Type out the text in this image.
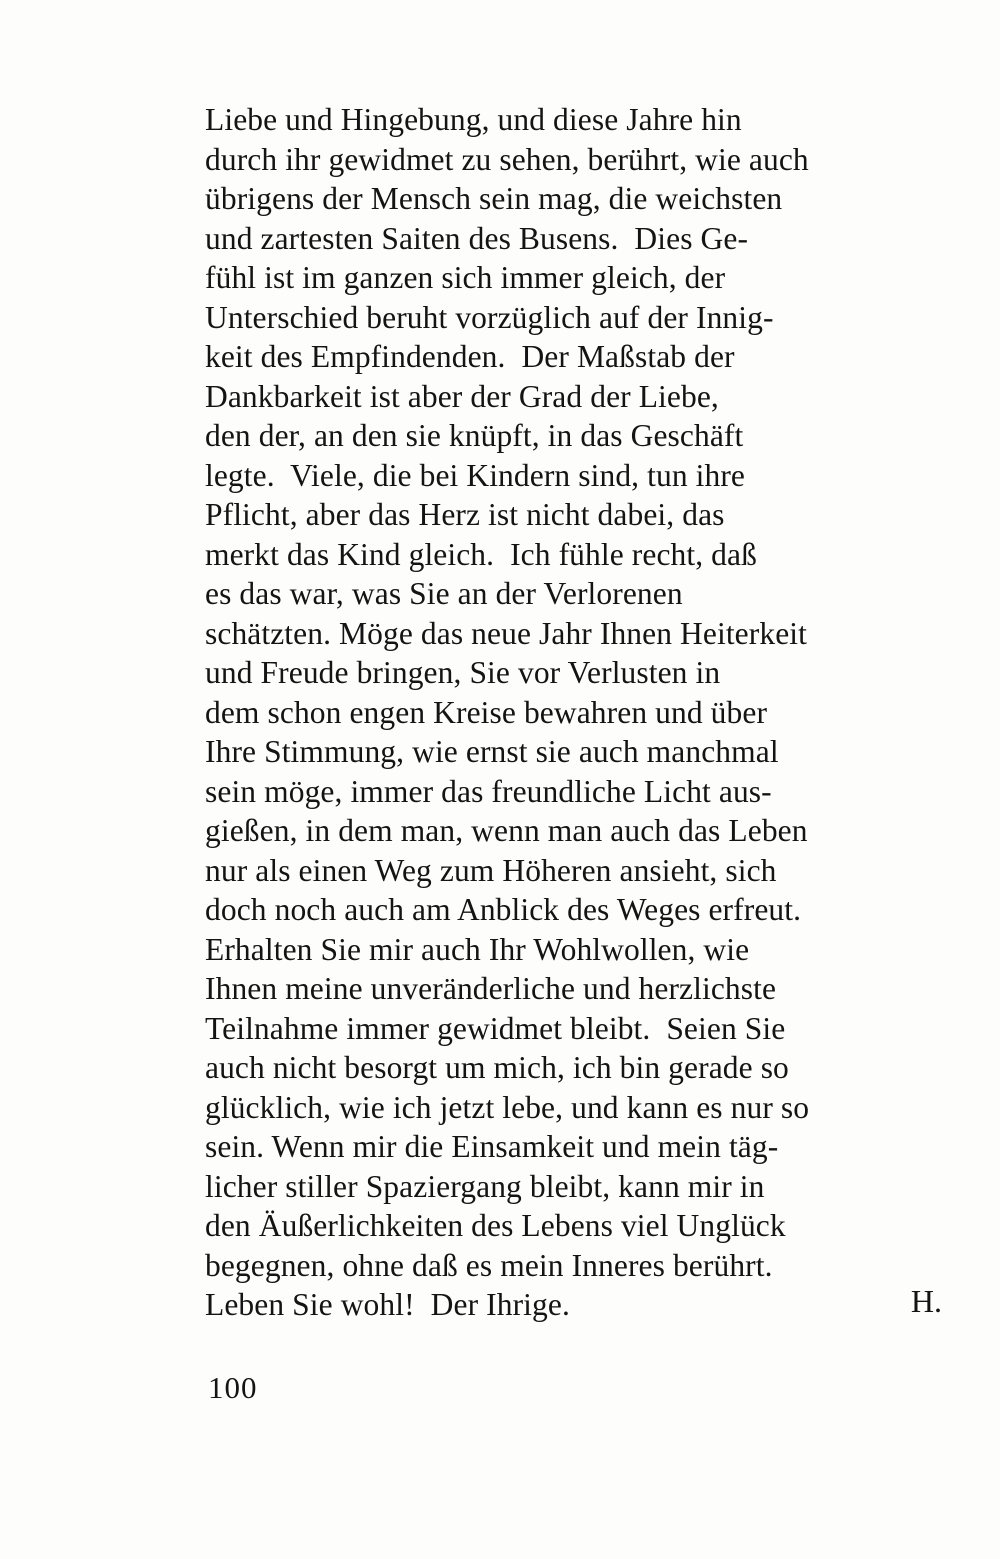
Liebe und Hingebung, und diese Jahre hin
durch ihr gewidmet zu sehen, berührt, wie auch
übrigens der Mensch sein mag, die weichsten
und zartesten Saiten des Busens.  Dies Ge-
fühl ist im ganzen sich immer gleich, der
Unterschied beruht vorzüglich auf der Innig-
keit des Empfindenden.  Der Maßstab der
Dankbarkeit ist aber der Grad der Liebe,
den der, an den sie knüpft, in das Geschäft
legte.  Viele, die bei Kindern sind, tun ihre
Pflicht, aber das Herz ist nicht dabei, das
merkt das Kind gleich.  Ich fühle recht, daß
es das war, was Sie an der Verlorenen
schätzten. Möge das neue Jahr Ihnen Heiterkeit
und Freude bringen, Sie vor Verlusten in
dem schon engen Kreise bewahren und über
Ihre Stimmung, wie ernst sie auch manchmal
sein möge, immer das freundliche Licht aus-
gießen, in dem man, wenn man auch das Leben
nur als einen Weg zum Höheren ansieht, sich
doch noch auch am Anblick des Weges erfreut.
Erhalten Sie mir auch Ihr Wohlwollen, wie
Ihnen meine unveränderliche und herzlichste
Teilnahme immer gewidmet bleibt.  Seien Sie
auch nicht besorgt um mich, ich bin gerade so
glücklich, wie ich jetzt lebe, und kann es nur so
sein. Wenn mir die Einsamkeit und mein täg-
licher stiller Spaziergang bleibt, kann mir in
den Äußerlichkeiten des Lebens viel Unglück
begegnen, ohne daß es mein Inneres berührt.
Leben Sie wohl!  Der Ihrige.	H.
100
